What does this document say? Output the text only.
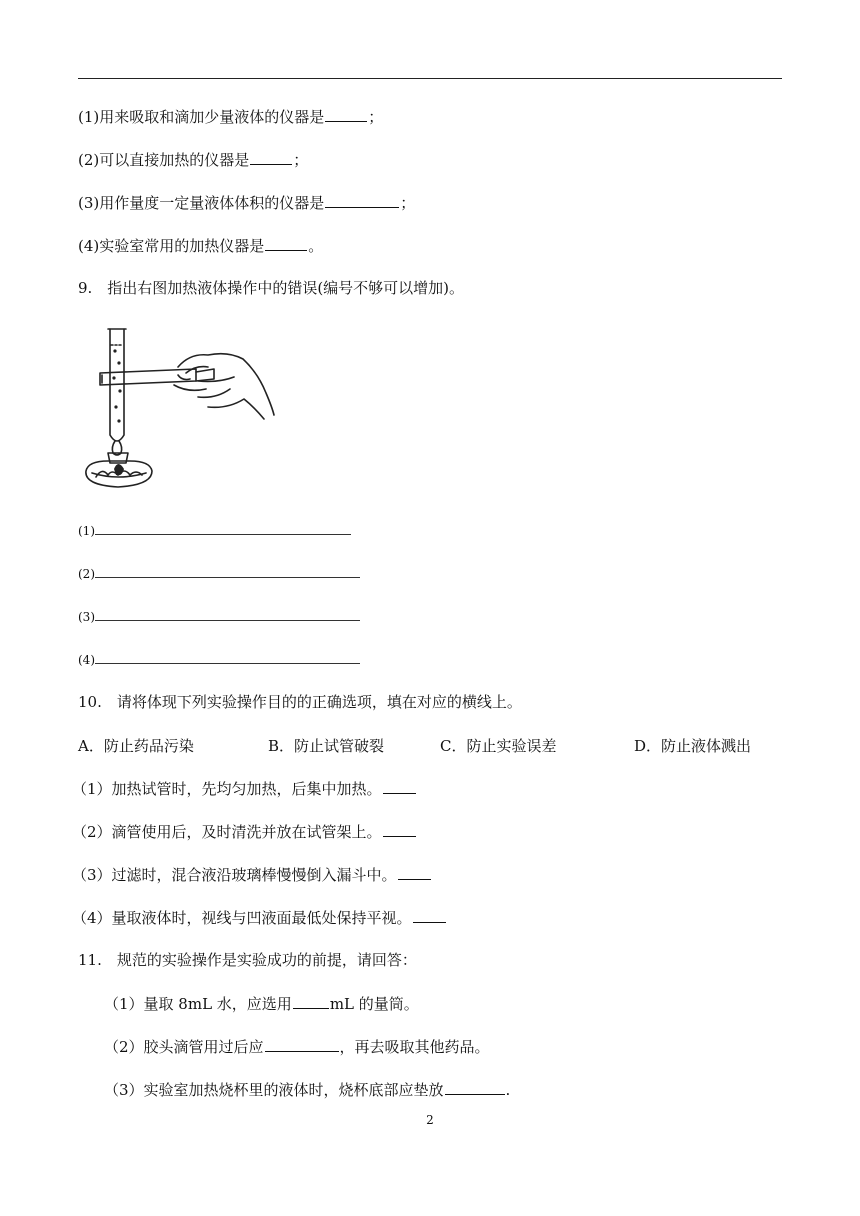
(1)用来吸取和滴加少量液体的仪器是	；
(2)可以直接加热的仪器是	；
(3)用作量度一定量液体体积的仪器是	；
(4)实验室常用的加热仪器是	。
9.　指出右图加热液体操作中的错误(编号不够可以增加)。
(1)
(2)
(3)
(4)
10.　请将体现下列实验操作目的的正确选项，填在对应的横线上。
A．防止药品污染	B．防止试管破裂	C．防止实验误差	D．防止液体溅出
（1）加热试管时，先均匀加热，后集中加热。
（2）滴管使用后，及时清洗并放在试管架上。
（3）过滤时，混合液沿玻璃棒慢慢倒入漏斗中。
（4）量取液体时，视线与凹液面最低处保持平视。
11.　规范的实验操作是实验成功的前提，请回答：
（1）量取 8mL 水，应选用	mL 的量筒。
（2）胶头滴管用过后应	，再去吸取其他药品。
（3）实验室加热烧杯里的液体时，烧杯底部应垫放	.
2
